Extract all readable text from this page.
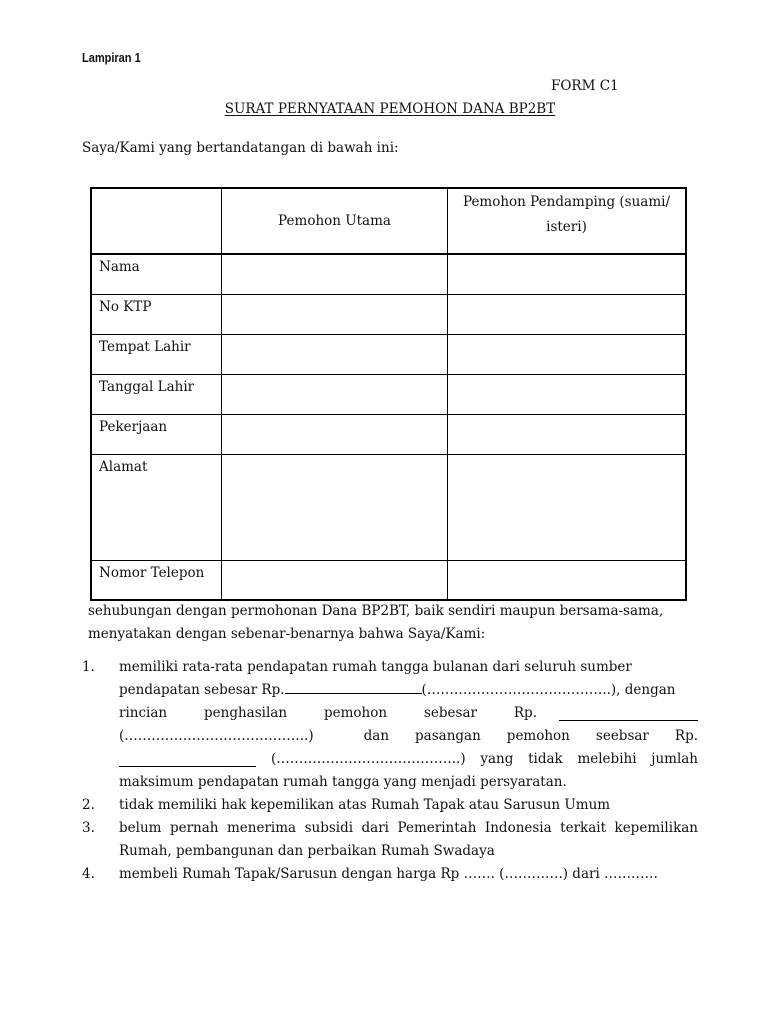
Lampiran 1
FORM C1
SURAT PERNYATAAN PEMOHON DANA BP2BT
Saya/Kami yang bertandatangan di bawah ini:
	Pemohon Utama	Pemohon Pendamping (suami/
isteri)
Nama		
No KTP		
Tempat Lahir		
Tanggal Lahir		
Pekerjaan		
Alamat		
Nomor Telepon		
sehubungan dengan permohonan Dana BP2BT, baik sendiri maupun bersama-sama,
menyatakan dengan sebenar-benarnya bahwa Saya/Kami:
1. memiliki rata-rata pendapatan rumah tangga bulanan dari seluruh sumber
pendapatan sebesar Rp.	(…………………………………..), dengan
rincian penghasilan pemohon sebesar Rp.
(…………………………………..)	dan pasangan pemohon seebsar Rp.
(…………………………………..) yang tidak melebihi jumlah
maksimum pendapatan rumah tangga yang menjadi persyaratan.
2. tidak memiliki hak kepemilikan atas Rumah Tapak atau Sarusun Umum
3. belum pernah menerima subsidi dari Pemerintah Indonesia terkait kepemilikan Rumah, pembangunan dan perbaikan Rumah Swadaya
4. membeli Rumah Tapak/Sarusun dengan harga Rp ……. (………….) dari …………
